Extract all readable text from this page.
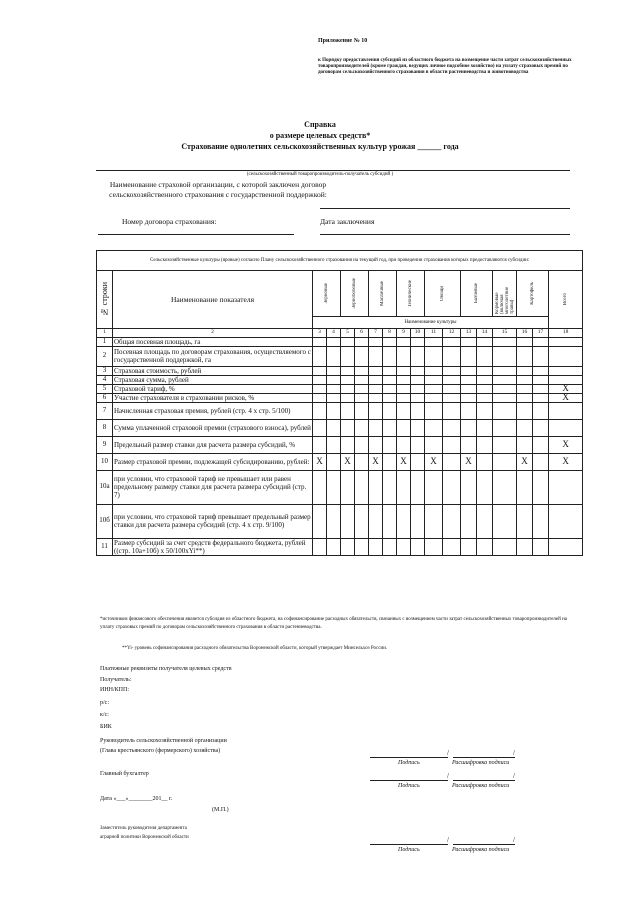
Приложение № 10
к Порядку предоставления субсидий из областного бюджета на возмещение части затрат сельскохозяйственных товаропроизводителей (кроме граждан, ведущих личное подсобное хозяйство) на уплату страховых премий по договорам сельскохозяйственного страхования в области растениеводства и животноводства
Справка
о размере целевых средств*
Страхование однолетних сельскохозяйственных культур урожая ______ года
(сельскохозяйственный товаропроизводитель-получатель субсидий )
Наименование страховой организации, с которой заключен договор сельскохозяйственного страхования с государственной поддержкой:
Номер договора страхования:	Дата заключения
Сельскохозяйственные культуры (яровые) согласно Плану сельскохозяйственного страхования на текущий год, при проведении страхования которых предоставляются субсидии:																	

№ строки	Наименование показателя	Зерновые		Зернобобовые		Масличные		Технические		Овощи		Бахчевые		Кормовые (включая многолетние травы)	Картофель		Всего

		Наименование культуры															
1	2	3	4	5	6	7	8	9	10	11	12	13	14	15	16	17	18
1	Общая посевная площадь, га																
2	Посевная площадь по договорам страхования, осуществляемого с государственной поддержкой, га																
3	Страховая стоимость, рублей																
4	Страховая сумма, рублей																
5	Страховой тариф, %																X
6	Участие страхователя в страховании рисков, %																X
7	Начисленная страховая премия, рублей (стр. 4 х стр. 5/100)																
8	Сумма уплаченной страховой премии (страхового взноса), рублей																
9	Предельный размер ставки для расчета размера субсидий, %																X
10	Размер страховой премии, подлежащей субсидированию, рублей:	X		X		X		X		X		X			X		X
10а	при условии, что страховой тариф не превышает или равен предельному размеру ставки для расчета размера субсидий (стр. 7)																
10б	при условии, что страховой тариф превышает предельный размер ставки для расчета размера субсидий (стр. 4 х стр. 9/100)																
11	Размер субсидий за счет средств федерального бюджета, рублей ((стр. 10а+10б) х 50/100хYi**)																
*источником финансового обеспечения является субсидия из областного бюджета, на софинансирование расходных обязательств, связанных с возмещением части затрат сельскохозяйственных товаропроизводителей на уплату страховых премий по договорам сельскохозяйственного страхования в области растениеводства.
**Yi- уровень софинансирования расходного обязательства Воронежской области, который утверждает Минсельхоз России.
Платежные реквизиты получателя целевых средств
Получатель:
ИНН/КПП:
р/с:
к/с:
БИК
Руководитель сельскохозяйственной организации
(Глава крестьянского (фермерского) хозяйства)	/	/
Подпись	Расшифровка подписи
Главный бухгалтер	/	/
Подпись	Расшифровка подписи
Дата «___»________201__ г.
(М.П.)
Заместитель руководителя департамента
аграрной политики Воронежской области	/	/
Подпись	Расшифровка подписи
